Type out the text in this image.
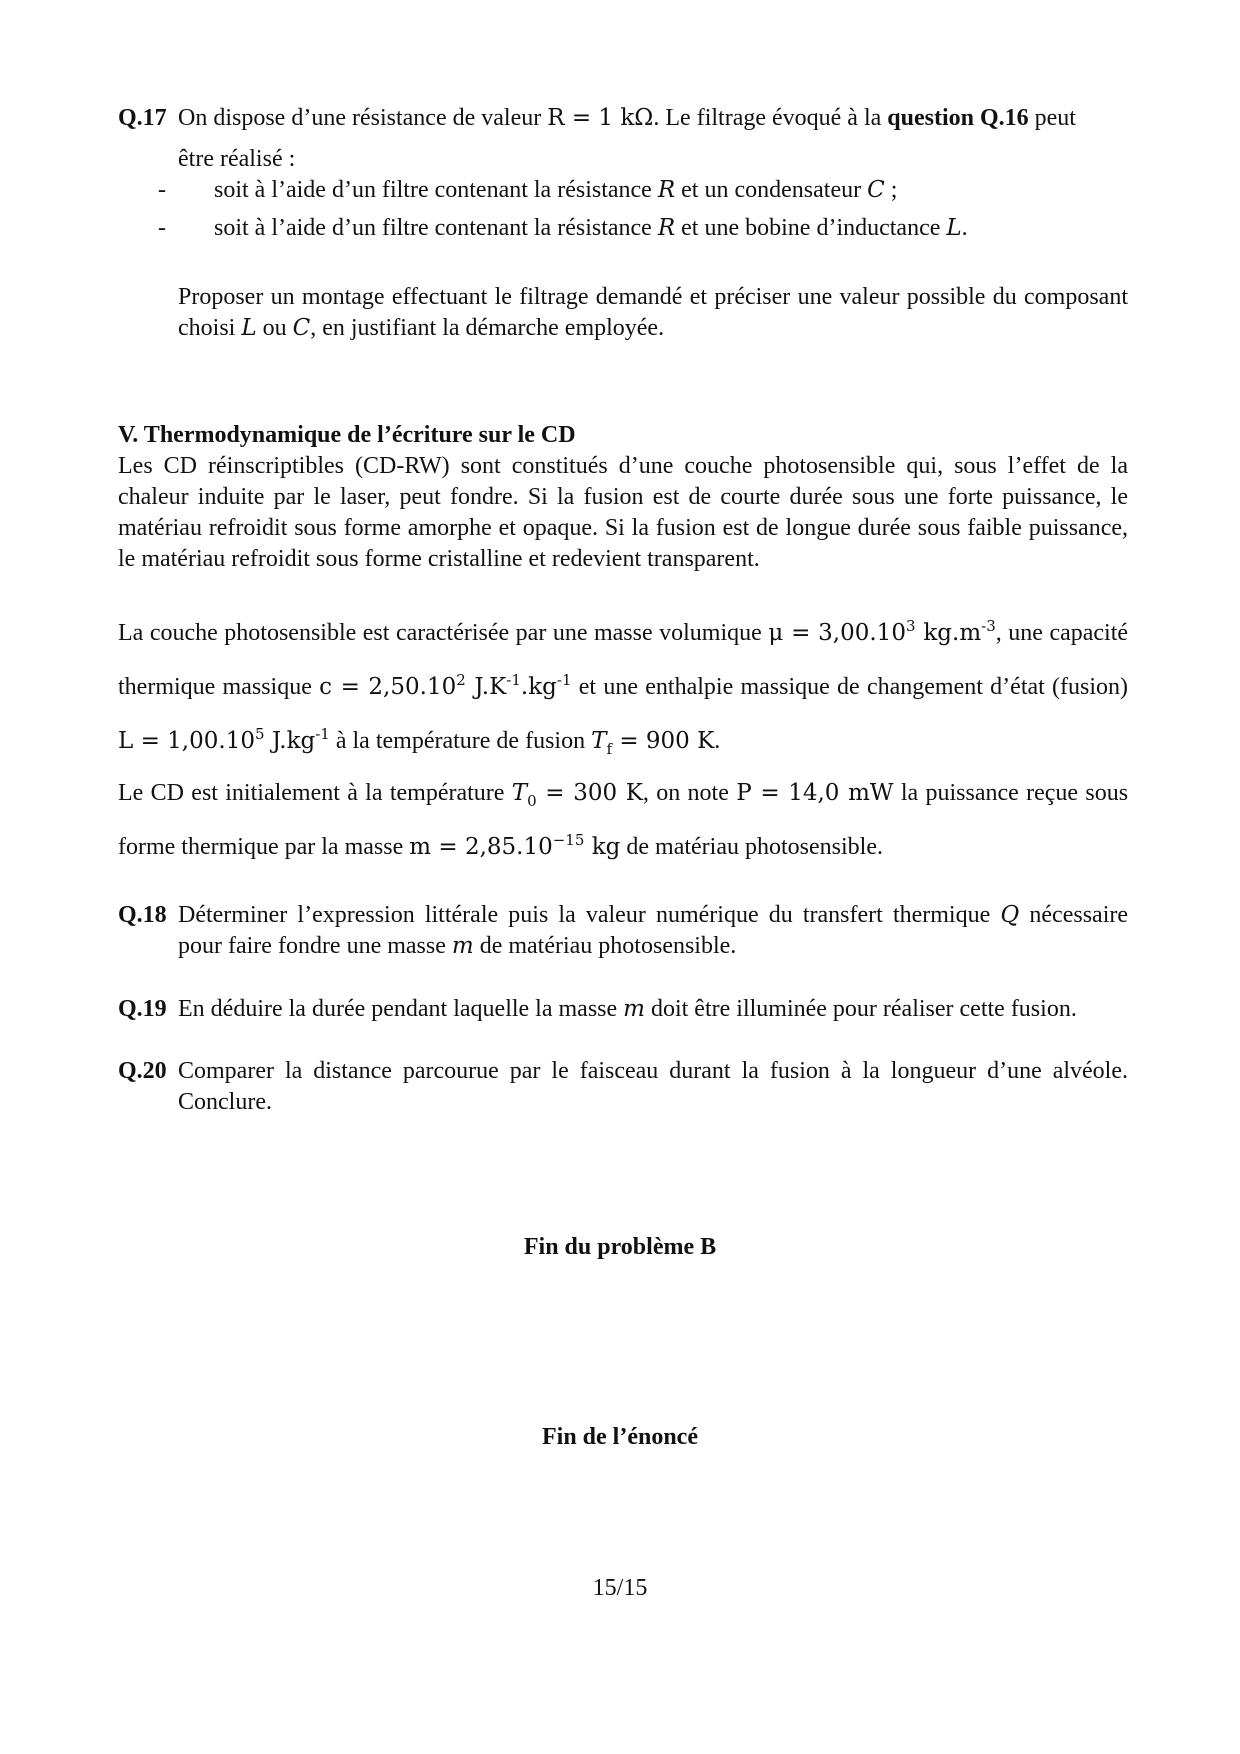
Q.17 On dispose d’une résistance de valeur R = 1 kΩ. Le filtrage évoqué à la question Q.16 peut
être réalisé :
- soit à l’aide d’un filtre contenant la résistance R et un condensateur C ;
- soit à l’aide d’un filtre contenant la résistance R et une bobine d’inductance L.
Proposer un montage effectuant le filtrage demandé et préciser une valeur possible du composant choisi L ou C, en justifiant la démarche employée.
V. Thermodynamique de l’écriture sur le CD
Les CD réinscriptibles (CD-RW) sont constitués d’une couche photosensible qui, sous l’effet de la chaleur induite par le laser, peut fondre. Si la fusion est de courte durée sous une forte puissance, le matériau refroidit sous forme amorphe et opaque. Si la fusion est de longue durée sous faible puissance, le matériau refroidit sous forme cristalline et redevient transparent.
La couche photosensible est caractérisée par une masse volumique $\mu = 3,00.10^3$ $kg.m^{-3}$, une capacité thermique massique $c = 2,50.10^2$ $J.K^{-1}.kg^{-1}$ et une enthalpie massique de changement d’état (fusion) $L = 1,00.10^5$ $J.kg^{-1}$ à la température de fusion $T_f = 900$ K.
Le CD est initialement à la température $T_0 = 300$ K, on note P = 14,0 mW la puissance reçue sous forme thermique par la masse $m = 2,85.10^{-15}$ kg de matériau photosensible.
Q.18 Déterminer l’expression littérale puis la valeur numérique du transfert thermique Q nécessaire pour faire fondre une masse m de matériau photosensible.
Q.19 En déduire la durée pendant laquelle la masse m doit être illuminée pour réaliser cette fusion.
Q.20 Comparer la distance parcourue par le faisceau durant la fusion à la longueur d’une alvéole. Conclure.
Fin du problème B
Fin de l’énoncé
15/15
